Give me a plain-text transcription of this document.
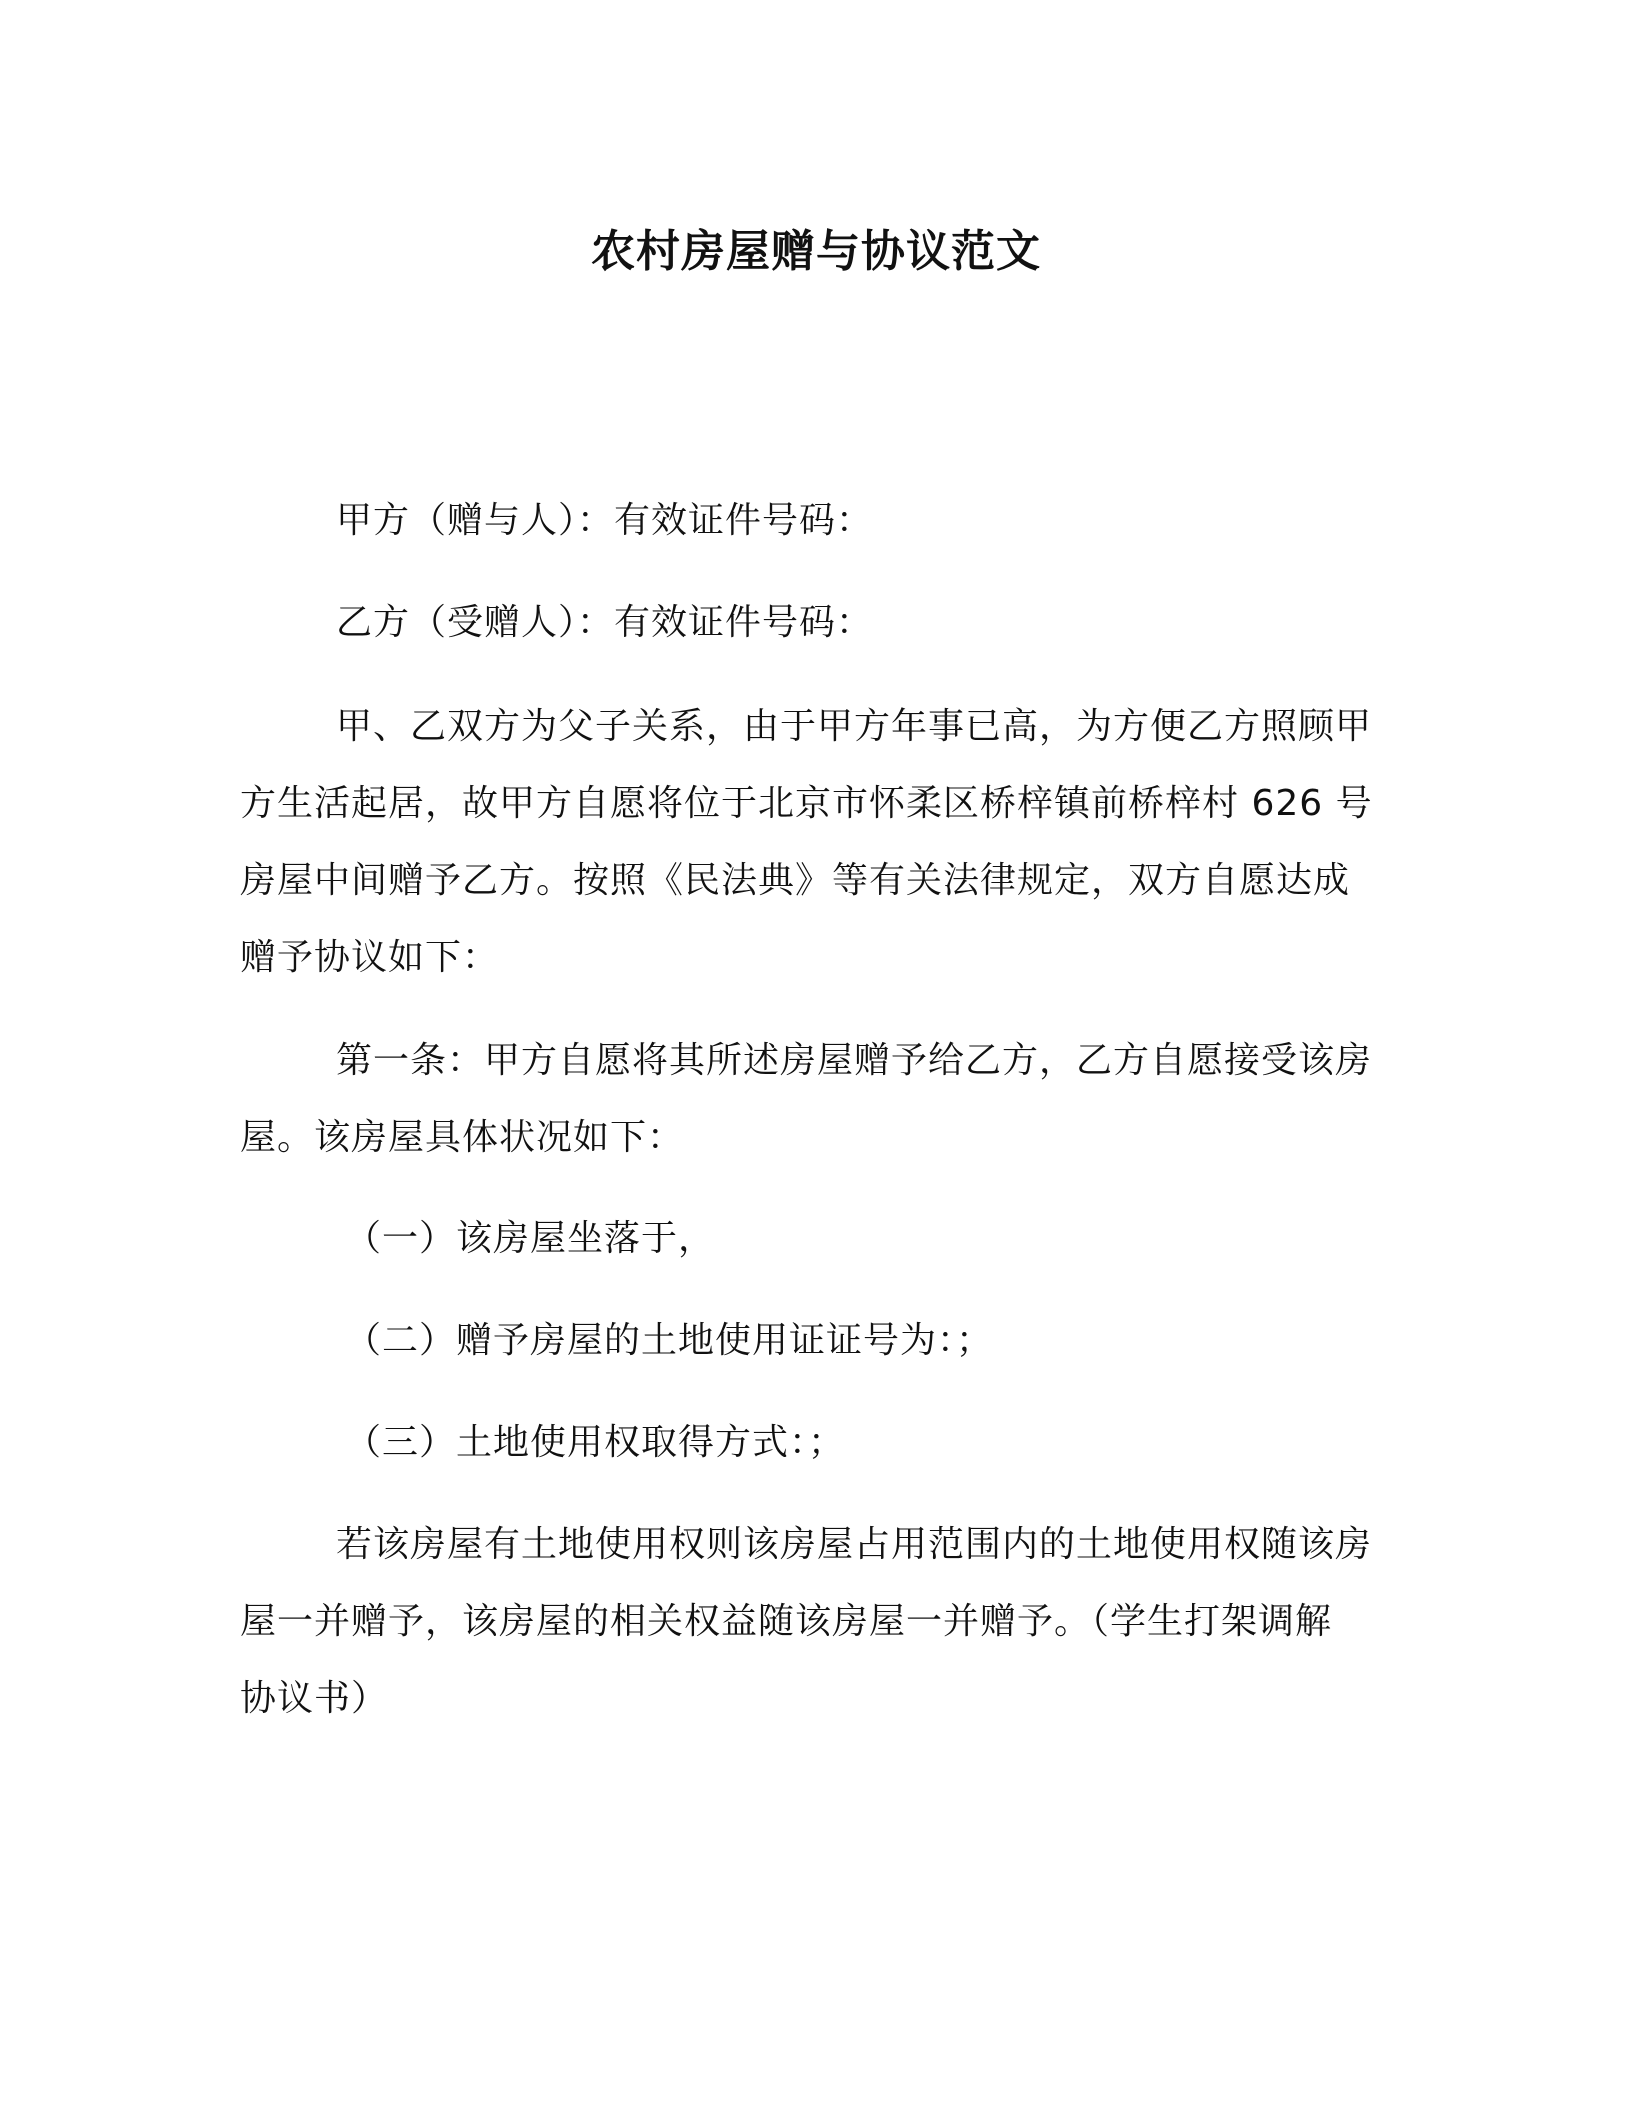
农村房屋赠与协议范文

甲方（赠与人）：有效证件号码：

乙方（受赠人）：有效证件号码：

甲、乙双方为父子关系，由于甲方年事已高，为方便乙方照顾甲
方生活起居，故甲方自愿将位于北京市怀柔区桥梓镇前桥梓村 626 号
房屋中间赠予乙方。按照《民法典》等有关法律规定，双方自愿达成
赠予协议如下：
第一条：甲方自愿将其所述房屋赠予给乙方，乙方自愿接受该房
屋。该房屋具体状况如下：
（一）该房屋坐落于，
（二）赠予房屋的土地使用证证号为：；
（三）土地使用权取得方式：；
若该房屋有土地使用权则该房屋占用范围内的土地使用权随该房
屋一并赠予，该房屋的相关权益随该房屋一并赠予。（学生打架调解
协议书）
